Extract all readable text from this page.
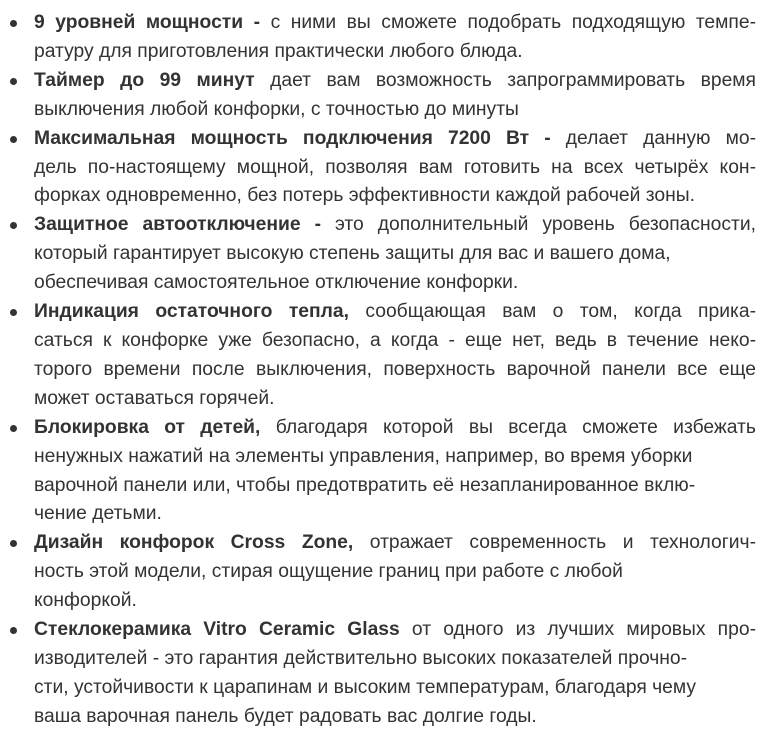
9 уровней мощности - с ними вы сможете подобрать подходящую темпе-
ратуру для приготовления практически любого блюда.
Таймер до 99 минут дает вам возможность запрограммировать время
выключения любой конфорки, с точностью до минуты
Максимальная мощность подключения 7200 Вт - делает данную мо-
дель по-настоящему мощной, позволяя вам готовить на всех четырёх кон-
форках одновременно, без потерь эффективности каждой рабочей зоны.
Защитное автоотключение - это дополнительный уровень безопасности,
который гарантирует высокую степень защиты для вас и вашего дома,
обеспечивая самостоятельное отключение конфорки.
Индикация остаточного тепла, сообщающая вам о том, когда прика-
саться к конфорке уже безопасно, а когда - еще нет, ведь в течение неко-
торого времени после выключения, поверхность варочной панели все еще
может оставаться горячей.
Блокировка от детей, благодаря которой вы всегда сможете избежать
ненужных нажатий на элементы управления, например, во время уборки
варочной панели или, чтобы предотвратить её незапланированное вклю-
чение детьми.
Дизайн конфорок Cross Zone, отражает современность и технологич-
ность этой модели, стирая ощущение границ при работе с любой
конфоркой.
Стеклокерамика Vitro Ceramic Glass от одного из лучших мировых про-
изводителей - это гарантия действительно высоких показателей прочно-
сти, устойчивости к царапинам и высоким температурам, благодаря чему
ваша варочная панель будет радовать вас долгие годы.
